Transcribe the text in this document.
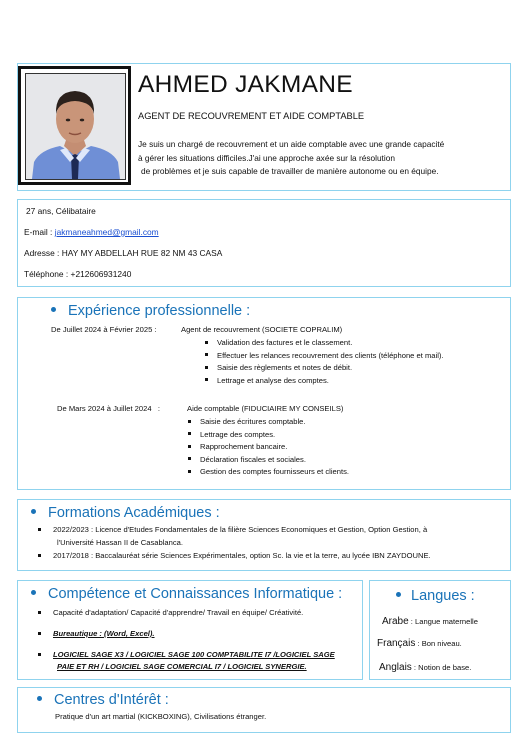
AHMED JAKMANE
AGENT DE RECOUVREMENT ET AIDE COMPTABLE
Je suis un chargé de recouvrement et un aide comptable avec une grande capacité
à gérer les situations difficiles.J'ai une approche axée sur la résolution
de problèmes et je suis capable de travailler de manière autonome ou en équipe.
27 ans, Célibataire
E-mail : jakmaneahmed@gmail.com
Adresse : HAY MY ABDELLAH RUE 82 NM 43 CASA
Téléphone : +212606931240
Expérience professionnelle :
De Juillet 2024 à Février 2025 :	Agent de recouvrement (SOCIETE COPRALIM)
Validation des factures et le classement.
Effectuer les relances recouvrement des clients (téléphone et mail).
Saisie des règlements et notes de débit.
Lettrage et analyse des comptes.
De Mars 2024 à Juillet 2024   :	Aide comptable (FIDUCIAIRE MY CONSEILS)
Saisie des écritures comptable.
Lettrage des comptes.
Rapprochement bancaire.
Déclaration fiscales et sociales.
Gestion des comptes fournisseurs et clients.
Formations Académiques :
2022/2023 : Licence d'Etudes Fondamentales de la filière Sciences Economiques et Gestion, Option Gestion, à
l'Université Hassan II de Casablanca.
2017/2018 : Baccalauréat série Sciences Expérimentales, option Sc. la vie et la terre, au lycée IBN ZAYDOUNE.
Compétence et Connaissances Informatique :
Capacité d'adaptation/ Capacité d'apprendre/ Travail en équipe/ Créativité.
Bureautique : (Word, Excel).
LOGICIEL SAGE X3 / LOGICIEL SAGE 100 COMPTABILITE I7 /LOGICIEL SAGE
PAIE ET RH / LOGICIEL SAGE COMERCIAL I7 / LOGICIEL SYNERGIE.
Langues :
Arabe : Langue maternelle
Français : Bon niveau.
Anglais : Notion de base.
Centres d'Intérêt :
Pratique d'un art martial (KICKBOXING), Civilisations étranger.
